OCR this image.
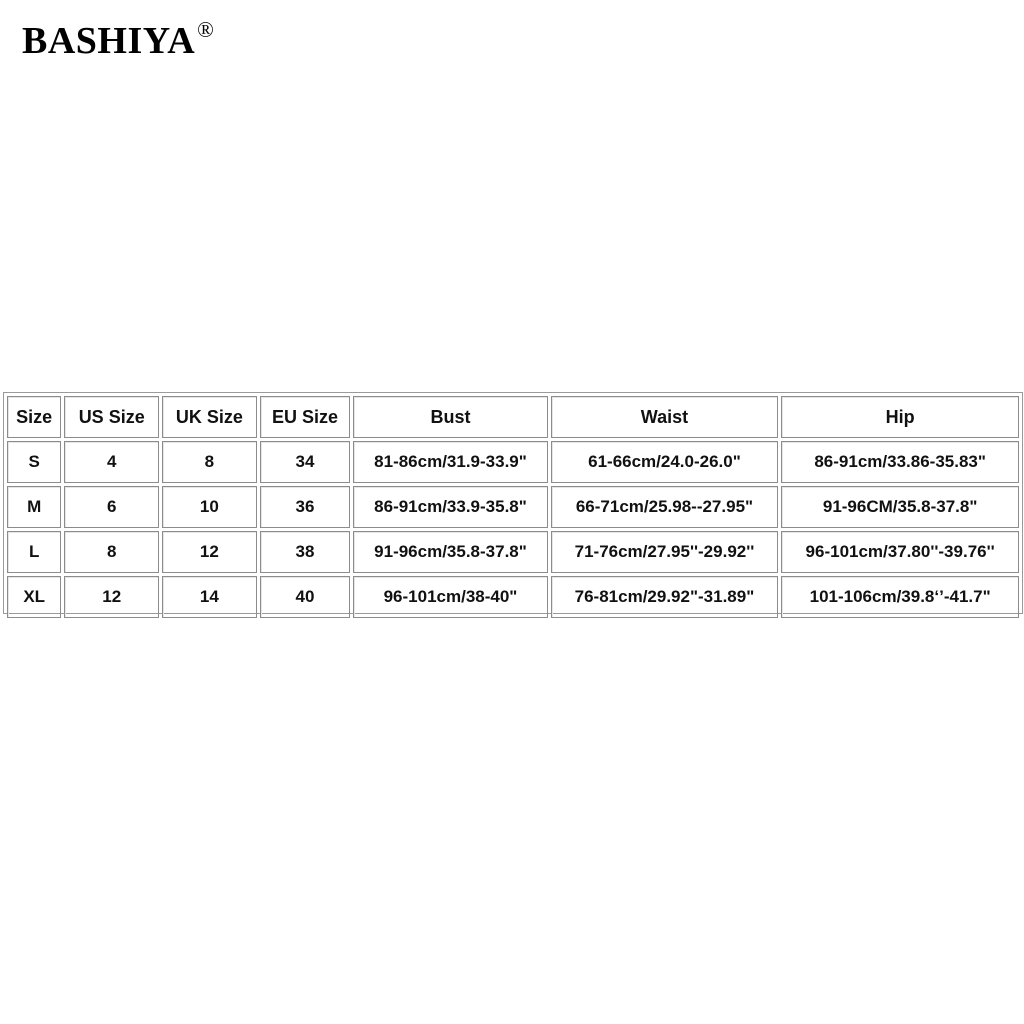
BASHIYA®
Size	US Size	UK Size	EU Size	Bust	Waist	Hip
S	4	8	34	81-86cm/31.9-33.9"	61-66cm/24.0-26.0"	86-91cm/33.86-35.83"
M	6	10	36	86-91cm/33.9-35.8"	66-71cm/25.98--27.95"	91-96CM/35.8-37.8"
L	8	12	38	91-96cm/35.8-37.8"	71-76cm/27.95''-29.92''	96-101cm/37.80''-39.76''
XL	12	14	40	96-101cm/38-40"	76-81cm/29.92"-31.89"	101-106cm/39.8‘’-41.7"
